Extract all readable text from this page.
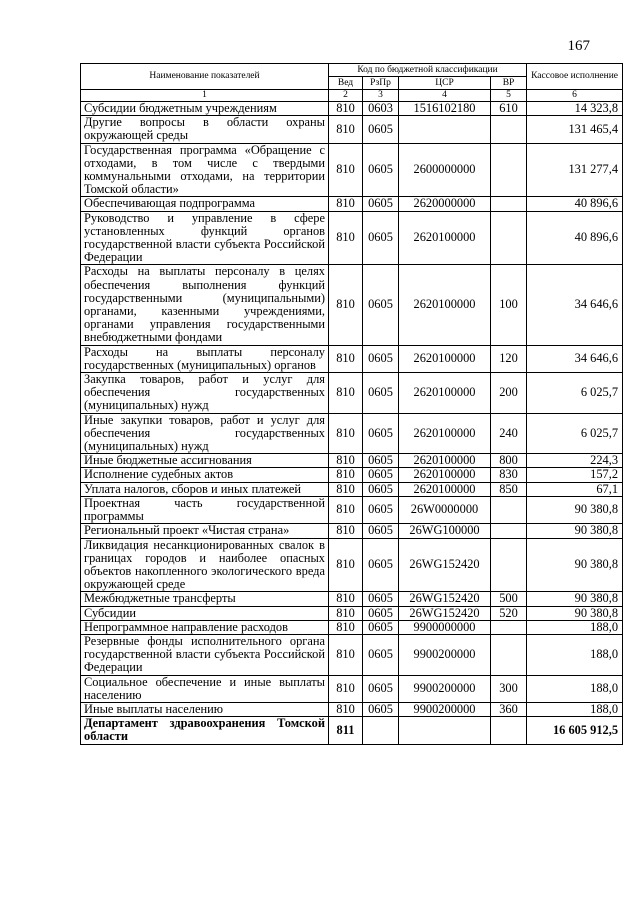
167
Наименование показателей	Код по бюджетной классификации				Кассовое исполнение
	Вед	РзПр	ЦСР	ВР	
1	2	3	4	5	6
Субсидии бюджетным учреждениям	810	0603	1516102180	610	14 323,8
Другие вопросы в области охраны окружающей среды	810	0605			131 465,4
Государственная программа «Обращение с отходами, в том числе с твердыми коммунальными отходами, на территории Томской области»	810	0605	2600000000		131 277,4
Обеспечивающая подпрограмма	810	0605	2620000000		40 896,6
Руководство и управление в сфере установленных функций органов государственной власти субъекта Российской Федерации	810	0605	2620100000		40 896,6
Расходы на выплаты персоналу в целях обеспечения выполнения функций государственными (муниципальными) органами, казенными учреждениями, органами управления государственными внебюджетными фондами	810	0605	2620100000	100	34 646,6
Расходы на выплаты персоналу государственных (муниципальных) органов	810	0605	2620100000	120	34 646,6
Закупка товаров, работ и услуг для обеспечения государственных (муниципальных) нужд	810	0605	2620100000	200	6 025,7
Иные закупки товаров, работ и услуг для обеспечения государственных (муниципальных) нужд	810	0605	2620100000	240	6 025,7
Иные бюджетные ассигнования	810	0605	2620100000	800	224,3
Исполнение судебных актов	810	0605	2620100000	830	157,2
Уплата налогов, сборов и иных платежей	810	0605	2620100000	850	67,1
Проектная часть государственной программы	810	0605	26W0000000		90 380,8
Региональный проект «Чистая страна»	810	0605	26WG100000		90 380,8
Ликвидация несанкционированных свалок в границах городов и наиболее опасных объектов накопленного экологического вреда окружающей среде	810	0605	26WG152420		90 380,8
Межбюджетные трансферты	810	0605	26WG152420	500	90 380,8
Субсидии	810	0605	26WG152420	520	90 380,8
Непрограммное направление расходов	810	0605	9900000000		188,0
Резервные фонды исполнительного органа государственной власти субъекта Российской Федерации	810	0605	9900200000		188,0
Социальное обеспечение и иные выплаты населению	810	0605	9900200000	300	188,0
Иные выплаты населению	810	0605	9900200000	360	188,0
Департамент здравоохранения Томской области	811				16 605 912,5
